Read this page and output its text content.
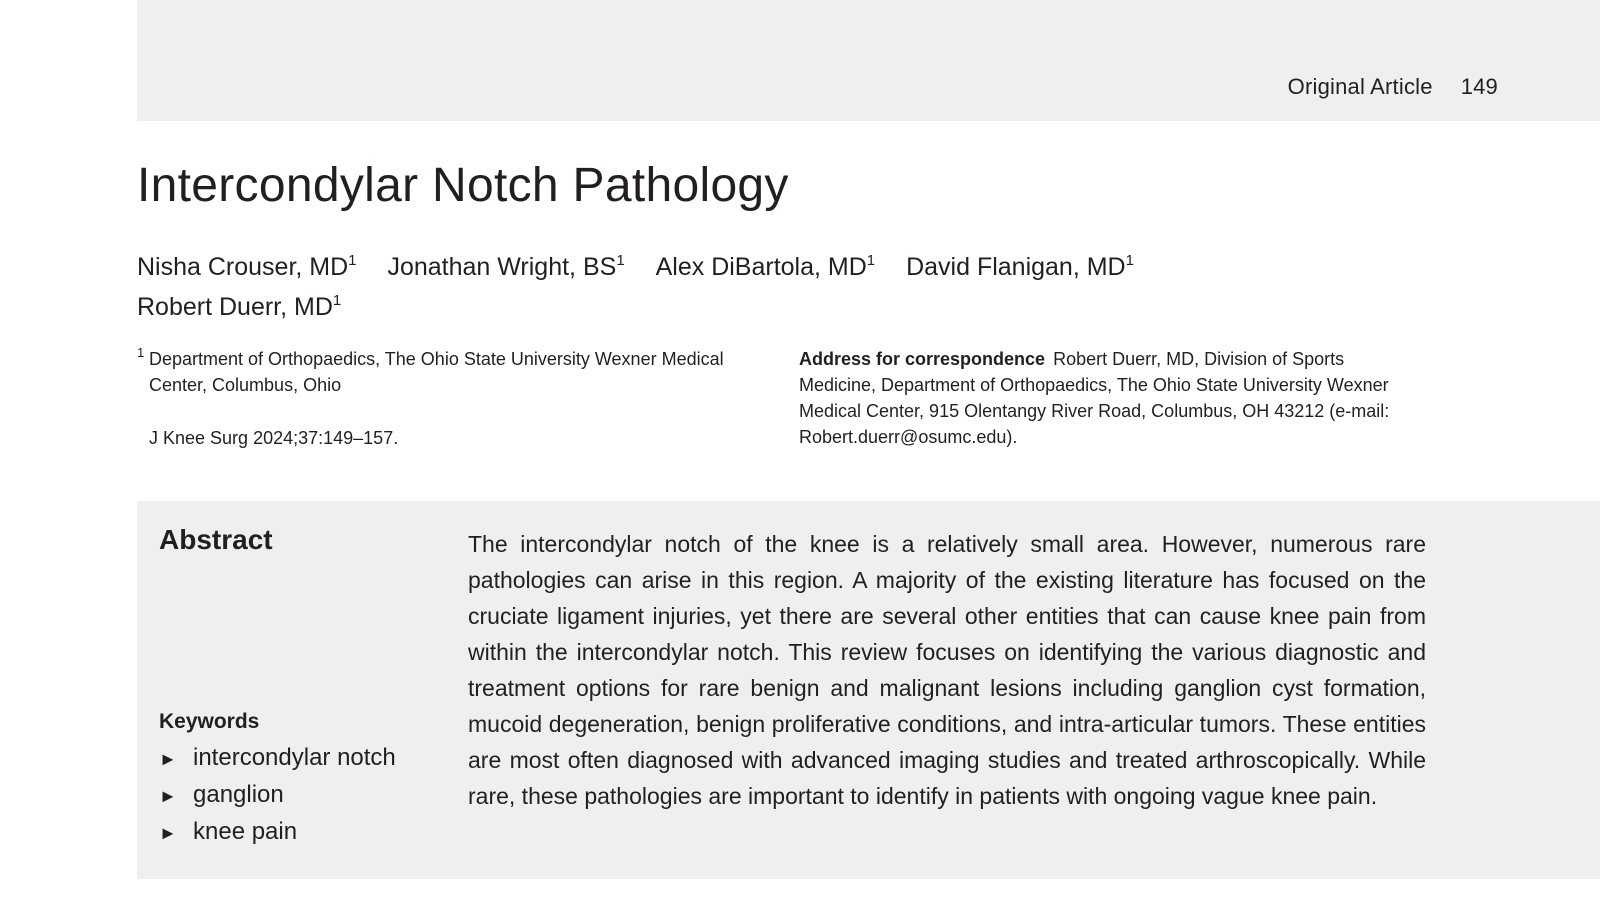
Original Article 149
Intercondylar Notch Pathology
Nisha Crouser, $MD^1$ Jonathan Wright, $BS^1$ Alex DiBartola, $MD^1$ David Flanigan, $MD^1$
Robert Duerr, $MD^1$
1 Department of Orthopaedics, The Ohio State University Wexner Medical Center, Columbus, Ohio
J Knee Surg 2024;37:149–157.
Address for correspondence Robert Duerr, MD, Division of Sports Medicine, Department of Orthopaedics, The Ohio State University Wexner Medical Center, 915 Olentangy River Road, Columbus, OH 43212 (e-mail: Robert.duerr@osumc.edu).
Abstract
Keywords
► intercondylar notch
► ganglion
► knee pain

The intercondylar notch of the knee is a relatively small area. However, numerous rare pathologies can arise in this region. A majority of the existing literature has focused on the cruciate ligament injuries, yet there are several other entities that can cause knee pain from within the intercondylar notch. This review focuses on identifying the various diagnostic and treatment options for rare benign and malignant lesions including ganglion cyst formation, mucoid degeneration, benign proliferative conditions, and intra-articular tumors. These entities are most often diagnosed with advanced imaging studies and treated arthroscopically. While rare, these pathologies are important to identify in patients with ongoing vague knee pain.
